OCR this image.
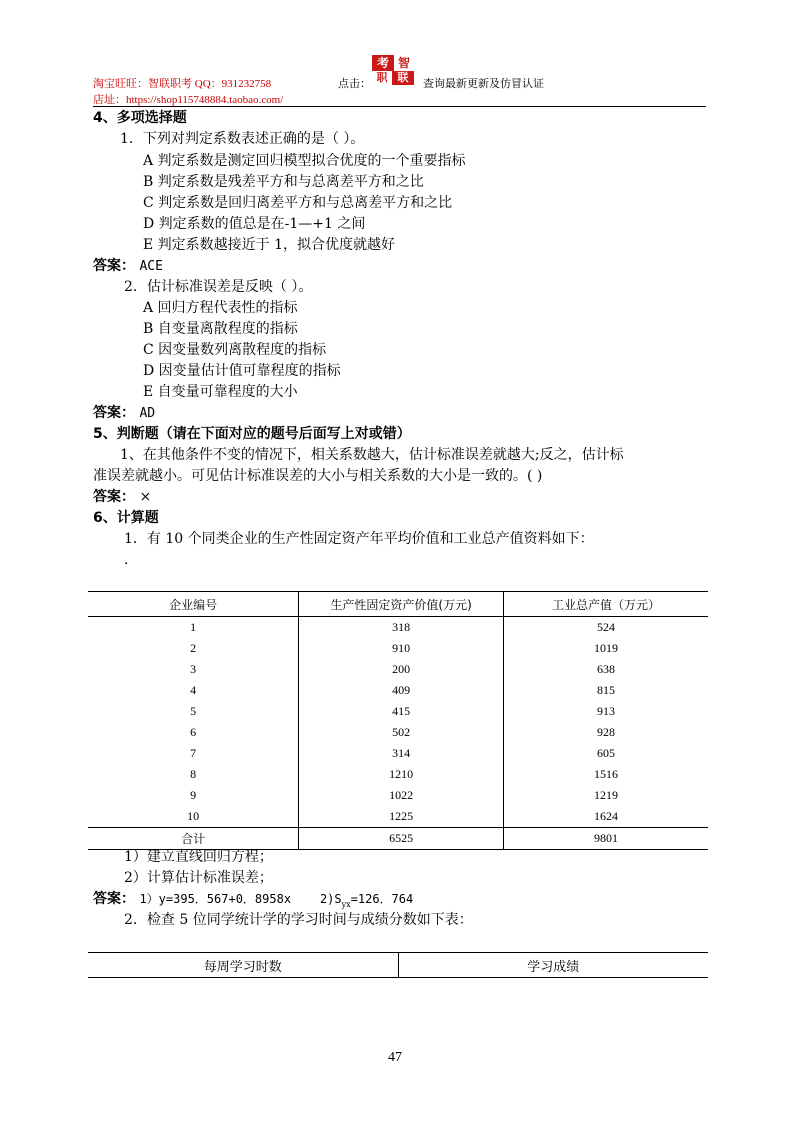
淘宝旺旺：智联职考 QQ：931232758	点击：
考 智
职 联	查询最新更新及仿冒认证
店址：https://shop115748884.taobao.com/
4、多项选择题
1．下列对判定系数表述正确的是（ ）。
A 判定系数是测定回归模型拟合优度的一个重要指标
B 判定系数是残差平方和与总离差平方和之比
C 判定系数是回归离差平方和与总离差平方和之比
D 判定系数的值总是在-1—+1 之间
E 判定系数越接近于 1，拟合优度就越好
答案： ACE
2．估计标准误差是反映（ ）。
A 回归方程代表性的指标
B 自变量离散程度的指标
C 因变量数列离散程度的指标
D 因变量估计值可靠程度的指标
E 自变量可靠程度的大小
答案： AD
5、判断题（请在下面对应的题号后面写上对或错）
1、在其他条件不变的情况下，相关系数越大，估计标准误差就越大;反之，估计标
准误差就越小。可见估计标准误差的大小与相关系数的大小是一致的。( )
答案： ×
6、计算题
1．有 10 个同类企业的生产性固定资产年平均价值和工业总产值资料如下：
.
企业编号	生产性固定资产价值(万元)	工业总产值（万元）
1	318	524
2	910	1019
3	200	638
4	409	815
5	415	913
6	502	928
7	314	605
8	1210	1516
9	1022	1219
10	1225	1624
合计	6525	9801
1）建立直线回归方程；
2）计算估计标准误差；
答案： 1）y=395．567+0．8958x    $2)S_{yx}=126$．764
2．检查 5 位同学统计学的学习时间与成绩分数如下表：
每周学习时数	学习成绩
47
